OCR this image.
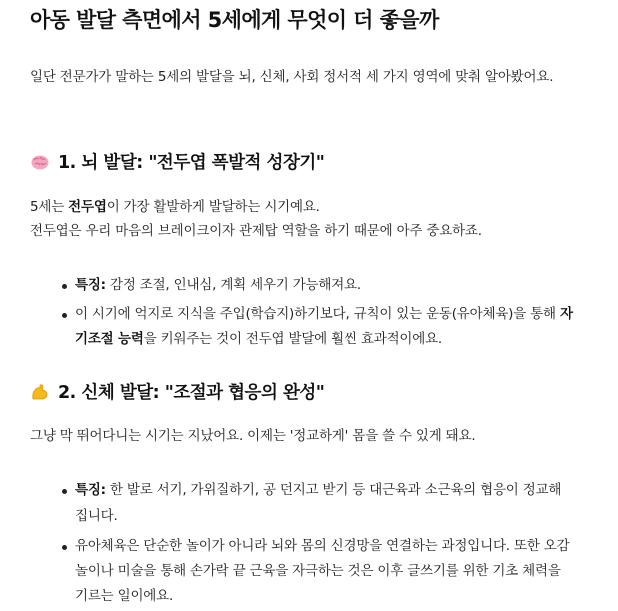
아동 발달 측면에서 5세에게 무엇이 더 좋을까
일단 전문가가 말하는 5세의 발달을 뇌, 신체, 사회 정서적 세 가지 영역에 맞춰 알아봤어요.
1. 뇌 발달: "전두엽 폭발적 성장기"
5세는 전두엽이 가장 활발하게 발달하는 시기예요.
전두엽은 우리 마음의 브레이크이자 관제탑 역할을 하기 때문에 아주 중요하죠.
특징: 감정 조절, 인내심, 계획 세우기 가능해져요.
이 시기에 억지로 지식을 주입(학습지)하기보다, 규칙이 있는 운동(유아체육)을 통해 자
기조절 능력을 키워주는 것이 전두엽 발달에 훨씬 효과적이에요.
2. 신체 발달: "조절과 협응의 완성"
그냥 막 뛰어다니는 시기는 지났어요. 이제는 '정교하게' 몸을 쓸 수 있게 돼요.
특징: 한 발로 서기, 가위질하기, 공 던지고 받기 등 대근육과 소근육의 협응이 정교해
집니다.
유아체육은 단순한 놀이가 아니라 뇌와 몸의 신경망을 연결하는 과정입니다. 또한 오감
놀이나 미술을 통해 손가락 끝 근육을 자극하는 것은 이후 글쓰기를 위한 기초 체력을
기르는 일이에요.
